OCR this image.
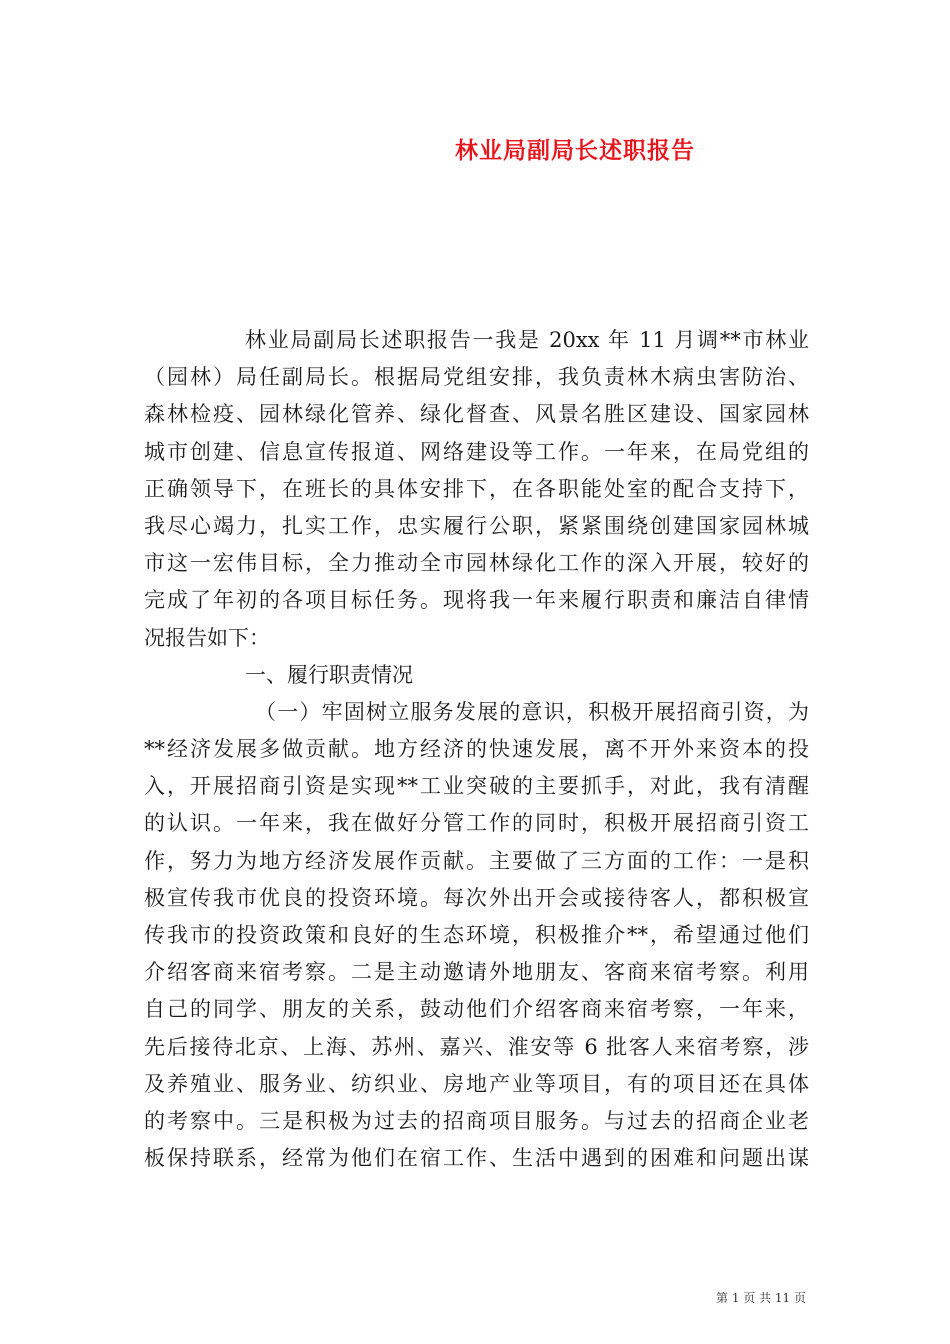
林业局副局长述职报告
林业局副局长述职报告一我是 20xx 年 11 月调**市林业
（园林）局任副局长。根据局党组安排，我负责林木病虫害防治、
森林检疫、园林绿化管养、绿化督查、风景名胜区建设、国家园林
城市创建、信息宣传报道、网络建设等工作。一年来，在局党组的
正确领导下，在班长的具体安排下，在各职能处室的配合支持下，
我尽心竭力，扎实工作，忠实履行公职，紧紧围绕创建国家园林城
市这一宏伟目标，全力推动全市园林绿化工作的深入开展，较好的
完成了年初的各项目标任务。现将我一年来履行职责和廉洁自律情
况报告如下：
一、履行职责情况
（一）牢固树立服务发展的意识，积极开展招商引资，为
**经济发展多做贡献。地方经济的快速发展，离不开外来资本的投
入，开展招商引资是实现**工业突破的主要抓手，对此，我有清醒
的认识。一年来，我在做好分管工作的同时，积极开展招商引资工
作，努力为地方经济发展作贡献。主要做了三方面的工作：一是积
极宣传我市优良的投资环境。每次外出开会或接待客人，都积极宣
传我市的投资政策和良好的生态环境，积极推介**，希望通过他们
介绍客商来宿考察。二是主动邀请外地朋友、客商来宿考察。利用
自己的同学、朋友的关系，鼓动他们介绍客商来宿考察，一年来，
先后接待北京、上海、苏州、嘉兴、淮安等 6 批客人来宿考察，涉
及养殖业、服务业、纺织业、房地产业等项目，有的项目还在具体
的考察中。三是积极为过去的招商项目服务。与过去的招商企业老
板保持联系，经常为他们在宿工作、生活中遇到的困难和问题出谋
第 1 页 共 11 页
